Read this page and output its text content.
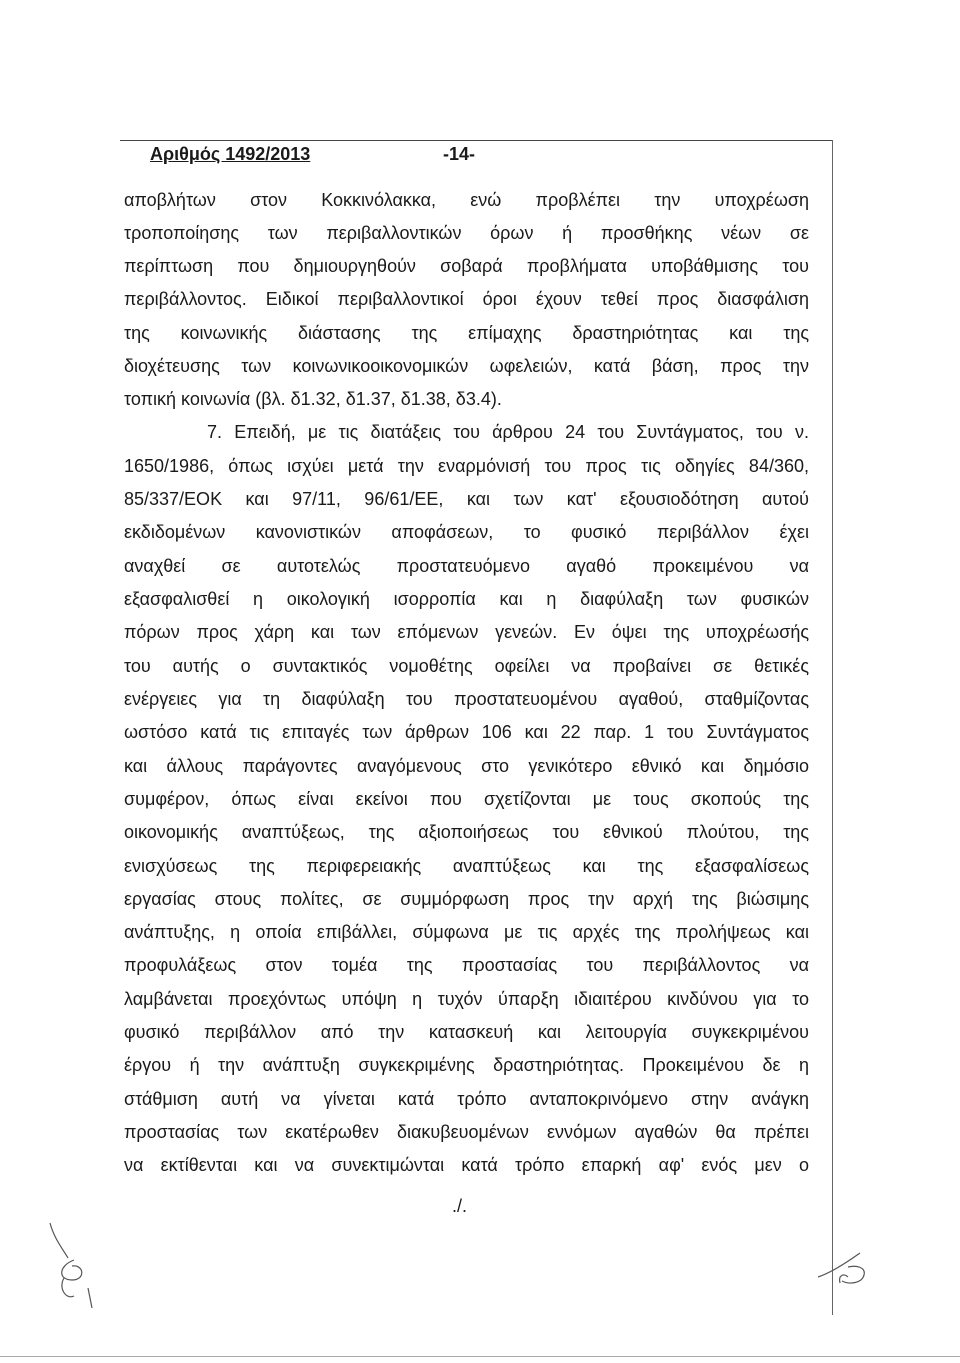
Αριθμός 1492/2013	-14-
αποβλήτων στον Κοκκινόλακκα, ενώ προβλέπει την υποχρέωση
τροποποίησης των περιβαλλοντικών όρων ή προσθήκης νέων σε
περίπτωση που δημιουργηθούν σοβαρά προβλήματα υποβάθμισης του
περιβάλλοντος. Ειδικοί περιβαλλοντικοί όροι έχουν τεθεί προς διασφάλιση
της κοινωνικής διάστασης της επίμαχης δραστηριότητας και της
διοχέτευσης των κοινωνικοοικονομικών ωφελειών, κατά βάση, προς την
τοπική κοινωνία (βλ. δ1.32, δ1.37, δ1.38, δ3.4).
7. Επειδή, με τις διατάξεις του άρθρου 24 του Συντάγματος, του ν.
1650/1986, όπως ισχύει μετά την εναρμόνισή του προς τις οδηγίες 84/360,
85/337/ΕΟΚ και 97/11, 96/61/ΕΕ, και των κατ' εξουσιοδότηση αυτού
εκδιδομένων κανονιστικών αποφάσεων, το φυσικό περιβάλλον έχει
αναχθεί σε αυτοτελώς προστατευόμενο αγαθό προκειμένου να
εξασφαλισθεί η οικολογική ισορροπία και η διαφύλαξη των φυσικών
πόρων προς χάρη και των επόμενων γενεών. Εν όψει της υποχρέωσής
του αυτής ο συντακτικός νομοθέτης οφείλει να προβαίνει σε θετικές
ενέργειες για τη διαφύλαξη του προστατευομένου αγαθού, σταθμίζοντας
ωστόσο κατά τις επιταγές των άρθρων 106 και 22 παρ. 1 του Συντάγματος
και άλλους παράγοντες αναγόμενους στο γενικότερο εθνικό και δημόσιο
συμφέρον, όπως είναι εκείνοι που σχετίζονται με τους σκοπούς της
οικονομικής αναπτύξεως, της αξιοποιήσεως του εθνικού πλούτου, της
ενισχύσεως της περιφερειακής αναπτύξεως και της εξασφαλίσεως
εργασίας στους πολίτες, σε συμμόρφωση προς την αρχή της βιώσιμης
ανάπτυξης, η οποία επιβάλλει, σύμφωνα με τις αρχές της προλήψεως και
προφυλάξεως στον τομέα της προστασίας του περιβάλλοντος να
λαμβάνεται προεχόντως υπόψη η τυχόν ύπαρξη ιδιαιτέρου κινδύνου για το
φυσικό περιβάλλον από την κατασκευή και λειτουργία συγκεκριμένου
έργου ή την ανάπτυξη συγκεκριμένης δραστηριότητας. Προκειμένου δε η
στάθμιση αυτή να γίνεται κατά τρόπο ανταποκρινόμενο στην ανάγκη
προστασίας των εκατέρωθεν διακυβευομένων εννόμων αγαθών θα πρέπει
να εκτίθενται και να συνεκτιμώνται κατά τρόπο επαρκή αφ' ενός μεν ο
./.
